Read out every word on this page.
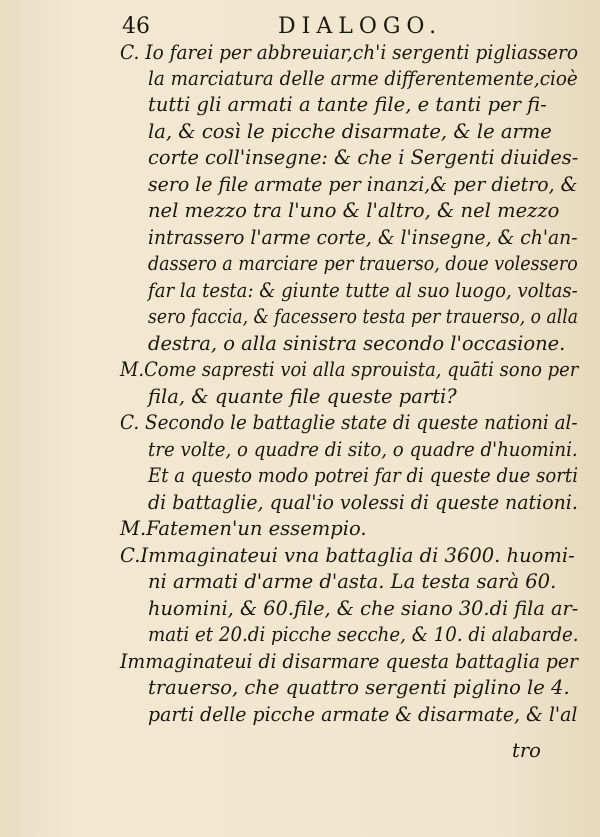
46	DIALOGO.
C. Io farei per abbreuiar,ch'i sergenti pigliassero
la marciatura delle arme differentemente,cioè
tutti gli armati a tante file, e tanti per fi-
la, & così le picche disarmate, & le arme
corte coll'insegne: & che i Sergenti diuides-
sero le file armate per inanzi,& per dietro, &
nel mezzo tra l'uno & l'altro, & nel mezzo
intrassero l'arme corte, & l'insegne, & ch'an-
dassero a marciare per trauerso, doue volessero
far la testa: & giunte tutte al suo luogo, voltas-
sero faccia, & facessero testa per trauerso, o alla
destra, o alla sinistra secondo l'occasione.
M.Come sapresti voi alla sprouista, quāti sono per
fila, & quante file queste parti?
C. Secondo le battaglie state di queste nationi al-
tre volte, o quadre di sito, o quadre d'huomini.
Et a questo modo potrei far di queste due sorti
di battaglie, qual'io volessi di queste nationi.
M.Fatemen'un essempio.
C.Immaginateui vna battaglia di 3600. huomi-
ni armati d'arme d'asta. La testa sarà 60.
huomini, & 60.file, & che siano 30.di fila ar-
mati et 20.di picche secche, & 10. di alabarde.
Immaginateui di disarmare questa battaglia per
trauerso, che quattro sergenti piglino le 4.
parti delle picche armate & disarmate, & l'al
tro
